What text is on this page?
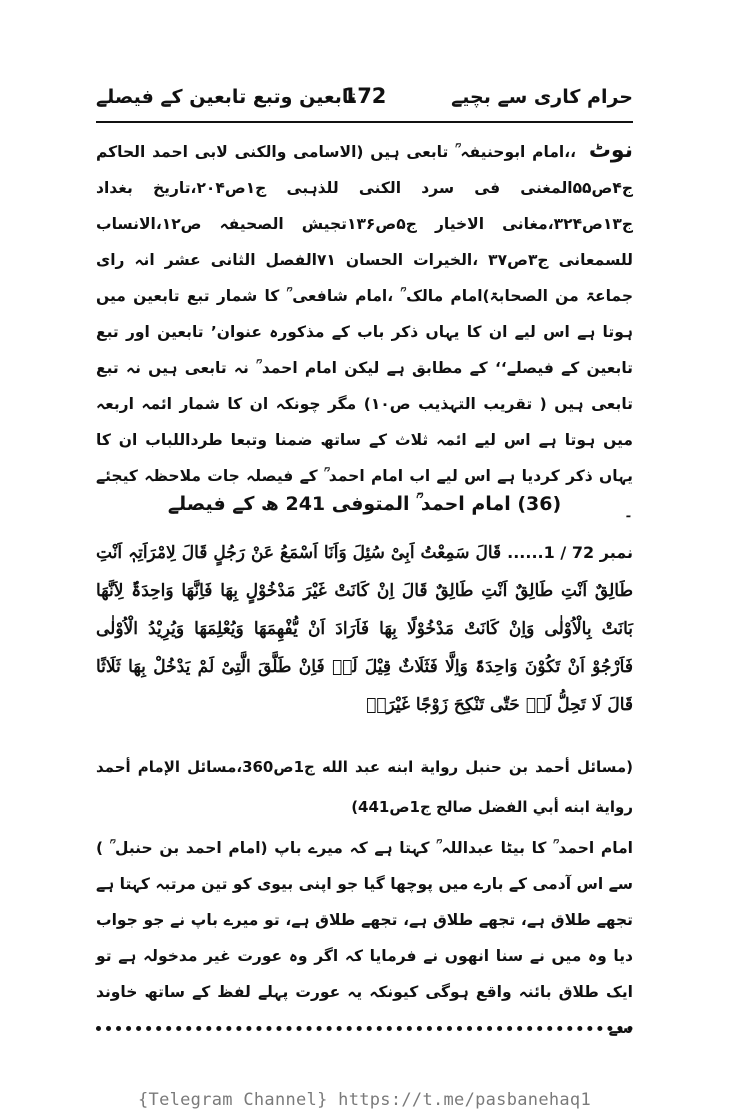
حرام کاری سے بچیے
172
تابعین وتبع تابعین کے فیصلے
نوٹ ،،امام ابوحنیفہ ؒ تابعی ہیں (الاسامی والکنی لابی احمد الحاکم ج۴ص۵۵المغنی فی سرد الکنی للذہبی ج۱ص۲۰۴،تاریخ بغداد ج۱۳ص۳۲۴،مغانی الاخیار ج۵ص۱۳۶تجیش الصحیفہ ص۱۲،الانساب للسمعانی ج۳ص۳۷ ،الخیرات الحسان ۷۱الفصل الثانی عشر انہ رای جماعۃ من الصحابۃ)امام مالک ؒ ،امام شافعی ؒ کا شمار تبع تابعین میں ہوتا ہے اس لیے ان کا یہاں ذکر باب کے مذکورہ عنوان’ تابعین اور تبع تابعین کے فیصلے‘‘ کے مطابق ہے لیکن امام احمد ؒ نہ تابعی ہیں نہ تبع تابعی ہیں ( تقریب التہذیب ص۱۰) مگر چونکہ ان کا شمار ائمہ اربعہ میں ہوتا ہے اس لیے ائمہ ثلاث کے ساتھ ضمنا وتبعا طرداللباب ان کا یہاں ذکر کردیا ہے اس لیے اب امام احمد ؒ کے فیصلہ جات ملاحظہ کیجئے ۔
(36) امام احمد ؒ المتوفی 241 ھ کے فیصلے
نمبر 72 / 1...... قَالَ سَمِعْتُ اَبِیْ سُئِلَ وَاَنَا اَسْمَعُ عَنْ رَجُلٍ قَالَ لِامْرَاَتِہٖ اَنْتِ طَالِقٌ اَنْتِ طَالِقٌ اَنْتِ طَالِقٌ قَالَ اِنْ کَانَتْ غَیْرَ مَدْخُوْلٍ بِھَا فَاِنَّھَا وَاحِدَۃٌ لِاَنَّھَا بَانَتْ بِالْاُوْلٰی وَاِنْ کَانَتْ مَدْخُوْلًا بِھَا فَاَرَادَ اَنْ یُّفْھِمَھَا وَیُعْلِمَھَا وَیُرِیْدُ الْاُوْلٰی فَاَرْجُوْ اَنْ تَکُوْنَ وَاحِدَۃً وَاِلَّا فَثَلَاثٌ قِیْلَ لَہٗ فَاِنْ طَلَّقَ الَّتِیْ لَمْ یَدْخُلْ بِھَا ثَلَاثًا قَالَ لَا تَحِلُّ لَہٗ حَتّٰی تَنْکِحَ زَوْجًا غَیْرَہٗ
(مسائل أحمد بن حنبل رواية ابنه عبد الله ج1ص360،مسائل الإمام أحمد رواية ابنه أبي الفضل صالح ج1ص441)
امام احمد ؒ کا بیٹا عبداللہ ؒ کہتا ہے کہ میرے باپ (امام احمد بن حنبل ؒ ) سے اس آدمی کے بارے میں پوچھا گیا جو اپنی بیوی کو تین مرتبہ کہتا ہے تجھے طلاق ہے، تجھے طلاق ہے، تجھے طلاق ہے، تو میرے باپ نے جو جواب دیا وہ میں نے سنا انھوں نے فرمایا کہ اگر وہ عورت غیر مدخولہ ہے تو ایک طلاق بائنہ واقع ہوگی کیونکہ یہ عورت پہلے لفظ کے ساتھ خاوند سے
{Telegram Channel} https://t.me/pasbanehaq1
